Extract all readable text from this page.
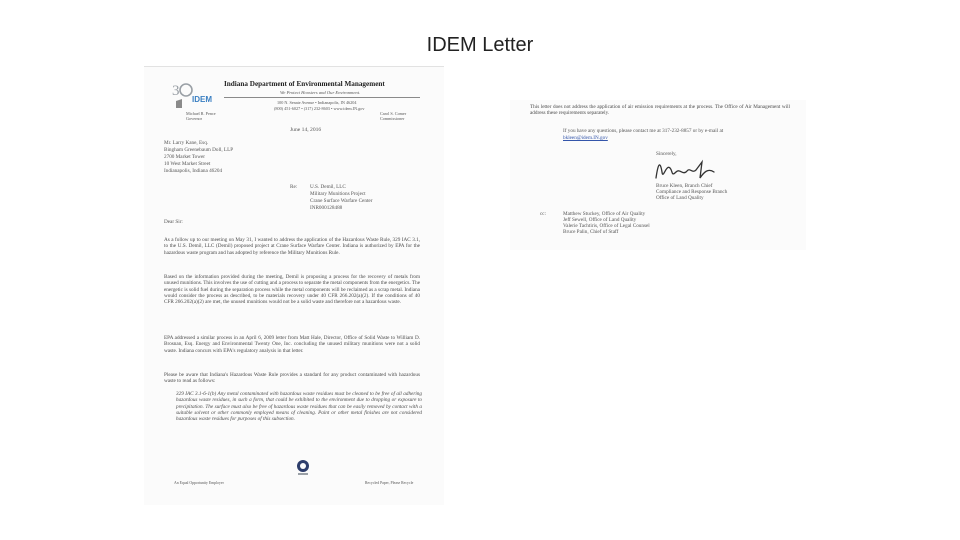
IDEM Letter
3
IDEM
Indiana Department of Environmental Management
We Protect Hoosiers and Our Environment.
100 N. Senate Avenue • Indianapolis, IN 46204
(800) 451-6027 • (317) 232-8603 • www.idem.IN.gov
Michael R. Pence
Governor
Carol S. Comer
Commissioner
June 14, 2016
Mr. Larry Kane, Esq.
Bingham Greenebaum Doll, LLP
2700 Market Tower
10 West Market Street
Indianapolis, Indiana 46204
Re: U.S. Demil, LLC
Military Munitions Project
Crane Surface Warfare Center
INR000128488
Dear Sir:
As a follow up to our meeting on May 31, I wanted to address the application of the Hazardous Waste Rule, 329 IAC 3.1, to the U.S. Demil, LLC (Demil) proposed project at Crane Surface Warfare Center. Indiana is authorized by EPA for the hazardous waste program and has adopted by reference the Military Munitions Rule.
Based on the information provided during the meeting, Demil is proposing a process for the recovery of metals from unused munitions. This involves the use of cutting and a process to separate the metal components from the energetics. The energetic is solid fuel during the separation process while the metal components will be reclaimed as a scrap metal. Indiana would consider the process as described, to be materials recovery under 40 CFR 266.202(a)(2). If the conditions of 40 CFR 266.202(a)(2) are met, the unused munitions would not be a solid waste and therefore not a hazardous waste.
EPA addressed a similar process in an April 6, 2009 letter from Matt Hale, Director, Office of Solid Waste to William D. Brosnan, Esq. Energy and Environmental Twenty One, Inc. concluding the unused military munitions were not a solid waste. Indiana concurs with EPA's regulatory analysis in that letter.
Please be aware that Indiana's Hazardous Waste Rule provides a standard for any product contaminated with hazardous waste to read as follows:
329 IAC 3.1-6-1(b) Any metal contaminated with hazardous waste residues must be cleaned to be free of all adhering hazardous waste residues, in such a form, that could be exhibited to the environment due to dropping or exposure to precipitation. The surface must also be free of hazardous waste residues that can be easily removed by contact with a suitable solvent or other commonly employed means of cleaning. Paint or other metal finishes are not considered hazardous waste residues for purposes of this subsection.
An Equal Opportunity Employer	Recycled Paper, Please Recycle
This letter does not address the application of air emission requirements at the process. The Office of Air Management will address these requirements separately.
If you have any questions, please contact me at 317-232-8857 or by e-mail at
bkleen@idem.IN.gov
Sincerely,
Bruce Kleen, Branch Chief
Compliance and Response Branch
Office of Land Quality
cc:	Matthew Stuckey, Office of Air Quality
Jeff Sewell, Office of Land Quality
Valerie Tachtiris, Office of Legal Counsel
Bruce Palin, Chief of Staff
